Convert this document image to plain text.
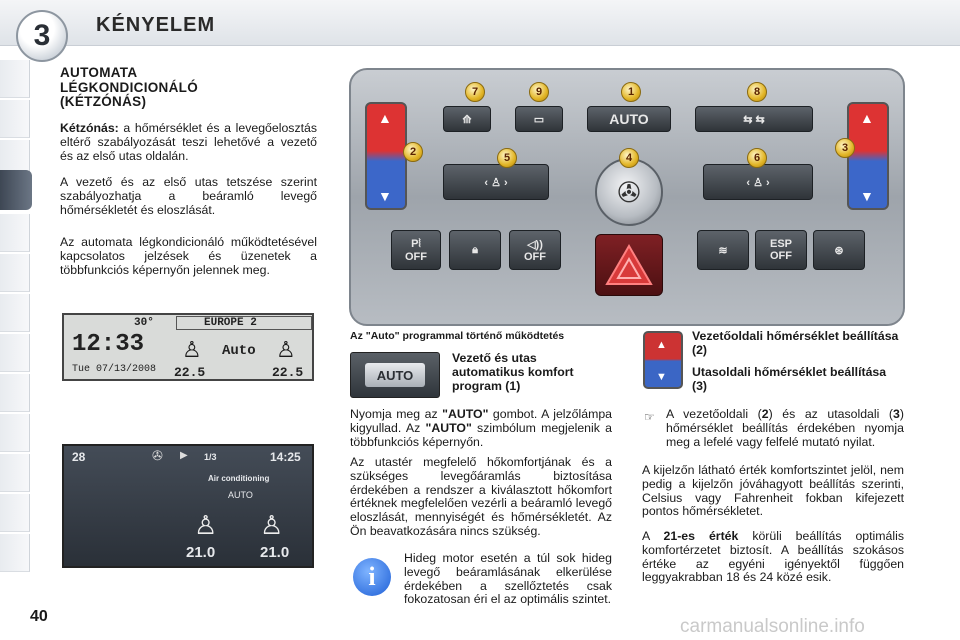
3	KÉNYELEM
AUTOMATA
LÉGKONDICIONÁLÓ
(KÉTZÓNÁS)
Kétzónás: a hőmérséklet és a levegőelosztás eltérő szabályozását teszi lehetővé a vezető és az első utas oldalán.
A vezető és az első utas tetszése szerint szabályozhatja a beáramló levegő hőmérsékletét és eloszlását.
Az automata légkondicionáló működtetésével kapcsolatos jelzések és üzenetek a többfunkciós képernyőn jelennek meg.
30°	EUROPE 2
12:33
Tue 07/13/2008
♙ Auto ♙
22.5	22.5
28	✇ ▶ 1/3	14:25
Air conditioning
AUTO
♙ ♙
21.0	21.0
▲
▼
▲
▼
⟰	▭	AUTO	⇆ ⇆
‹ ♙ ›	‹ ♙ ›
✇
P⦚
OFF
🔒︎	◁))
OFF	≋
ESP
OFF	⊛
7	9	1	8
2	5	4	6
3
Az "Auto" programmal történő működtetés
AUTO
Vezető és utas automatikus komfort program (1)
Nyomja meg az "AUTO" gombot. A jelzőlámpa kigyullad. Az "AUTO" szimbólum megjelenik a többfunkciós képernyőn.
Az utastér megfelelő hőkomfortjának és a szükséges levegőáramlás biztosítása érdekében a rendszer a kiválasztott hőkomfort értéknek megfelelően vezérli a beáramló levegő eloszlását, mennyiségét és hőmérsékletét. Az Ön beavatkozására nincs szükség.
i
Hideg motor esetén a túl sok hideg levegő beáramlásának elkerülése érdekében a szellőztetés csak fokozatosan éri el az optimális szintet.
▲
▼
Vezetőoldali hőmérséklet beállítása (2)
Utasoldali hőmérséklet beállítása (3)
☞ A vezetőoldali (2) és az utasoldali (3) hőmérséklet beállítás érdekében nyomja meg a lefelé vagy felfelé mutató nyilat.
A kijelzőn látható érték komfortszintet jelöl, nem pedig a kijelzőn jóváhagyott beállítás szerinti, Celsius vagy Fahrenheit fokban kifejezett pontos hőmérsékletet.
A 21-es érték körüli beállítás optimális komfortérzetet biztosít. A beállítás szokásos értéke az egyéni igényektől függően leggyakrabban 18 és 24 közé esik.
40	carmanualsonline.info
